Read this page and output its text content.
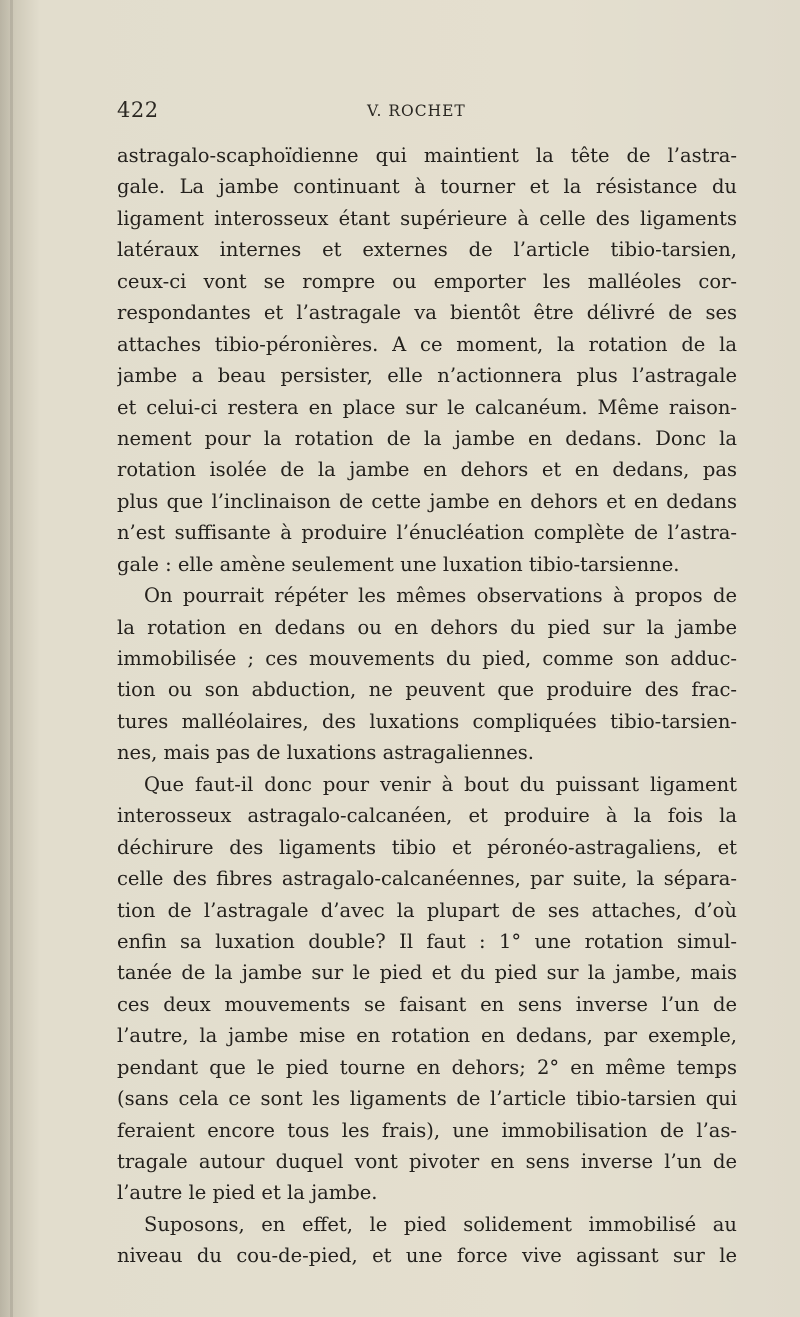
422	V. ROCHET
astragalo-scaphoïdienne qui maintient la tête de l’astra-
gale. La jambe continuant à tourner et la résistance du
ligament interosseux étant supérieure à celle des ligaments
latéraux internes et externes de l’article tibio-tarsien,
ceux-ci vont se rompre ou emporter les malléoles cor-
respondantes et l’astragale va bientôt être délivré de ses
attaches tibio-péronières. A ce moment, la rotation de la
jambe a beau persister, elle n’actionnera plus l’astragale
et celui-ci restera en place sur le calcanéum. Même raison-
nement pour la rotation de la jambe en dedans. Donc la
rotation isolée de la jambe en dehors et en dedans, pas
plus que l’inclinaison de cette jambe en dehors et en dedans
n’est suffisante à produire l’énucléation complète de l’astra-
gale : elle amène seulement une luxation tibio-tarsienne.
On pourrait répéter les mêmes observations à propos de
la rotation en dedans ou en dehors du pied sur la jambe
immobilisée ; ces mouvements du pied, comme son adduc-
tion ou son abduction, ne peuvent que produire des frac-
tures malléolaires, des luxations compliquées tibio-tarsien-
nes, mais pas de luxations astragaliennes.
Que faut-il donc pour venir à bout du puissant ligament
interosseux astragalo-calcanéen, et produire à la fois la
déchirure des ligaments tibio et péronéo-astragaliens, et
celle des fibres astragalo-calcanéennes, par suite, la sépara-
tion de l’astragale d’avec la plupart de ses attaches, d’où
enfin sa luxation double? Il faut : 1° une rotation simul-
tanée de la jambe sur le pied et du pied sur la jambe, mais
ces deux mouvements se faisant en sens inverse l’un de
l’autre, la jambe mise en rotation en dedans, par exemple,
pendant que le pied tourne en dehors; 2° en même temps
(sans cela ce sont les ligaments de l’article tibio-tarsien qui
feraient encore tous les frais), une immobilisation de l’as-
tragale autour duquel vont pivoter en sens inverse l’un de
l’autre le pied et la jambe.
Suposons, en effet, le pied solidement immobilisé au
niveau du cou-de-pied, et une force vive agissant sur le
